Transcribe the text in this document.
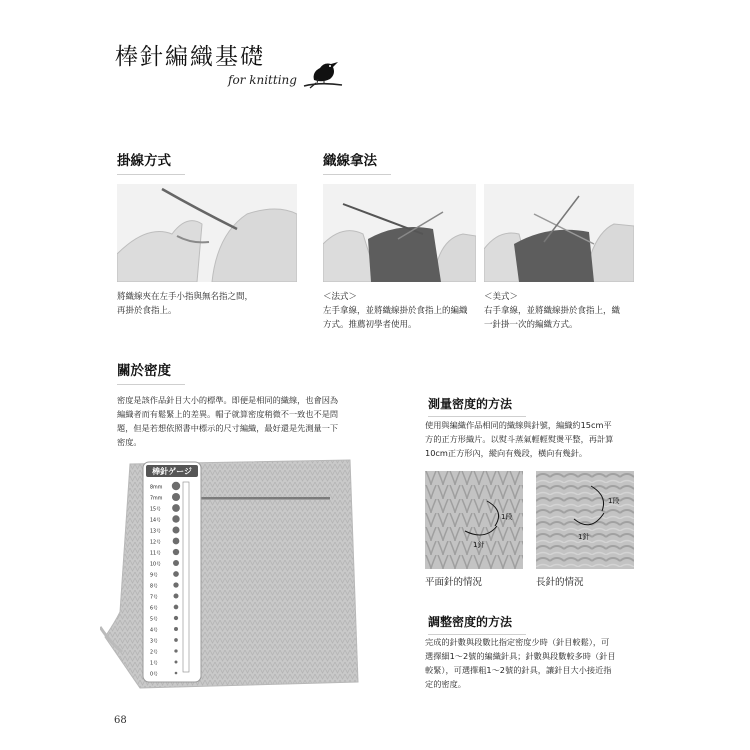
棒針編織基礎
for knitting
掛線方式
將織線夾在左手小指與無名指之間，
再掛於食指上。
織線拿法
＜法式＞
左手拿線，並將織線掛於食指上的編織
方式。推薦初學者使用。
＜美式＞
右手拿線，並將織線掛於食指上，織
一針掛一次的編織方式。
關於密度
密度是該作品針目大小的標準。即便是相同的織線，也會因為
編織者而有鬆緊上的差異。帽子就算密度稍微不一致也不是問
題，但是若想依照書中標示的尺寸編織，最好還是先測量一下
密度。
棒針ゲージ
8mm
7mm
15号
14号
13号
12号
11号
10号
9号
8号
7号
6号
5号
4号
3号
2号
1号
0号
測量密度的方法
使用與編織作品相同的織線與針號，編織約15cm平
方的正方形織片。以熨斗蒸氣輕輕熨燙平整，再計算
10cm正方形內，縱向有幾段，橫向有幾針。
1針
1段
1針
1段
平面針的情況	長針的情況
調整密度的方法
完成的針數與段數比指定密度少時（針目較鬆），可
選擇細1～2號的編織針具；針數與段數較多時（針目
較緊），可選擇粗1～2號的針具，讓針目大小接近指
定的密度。
68
